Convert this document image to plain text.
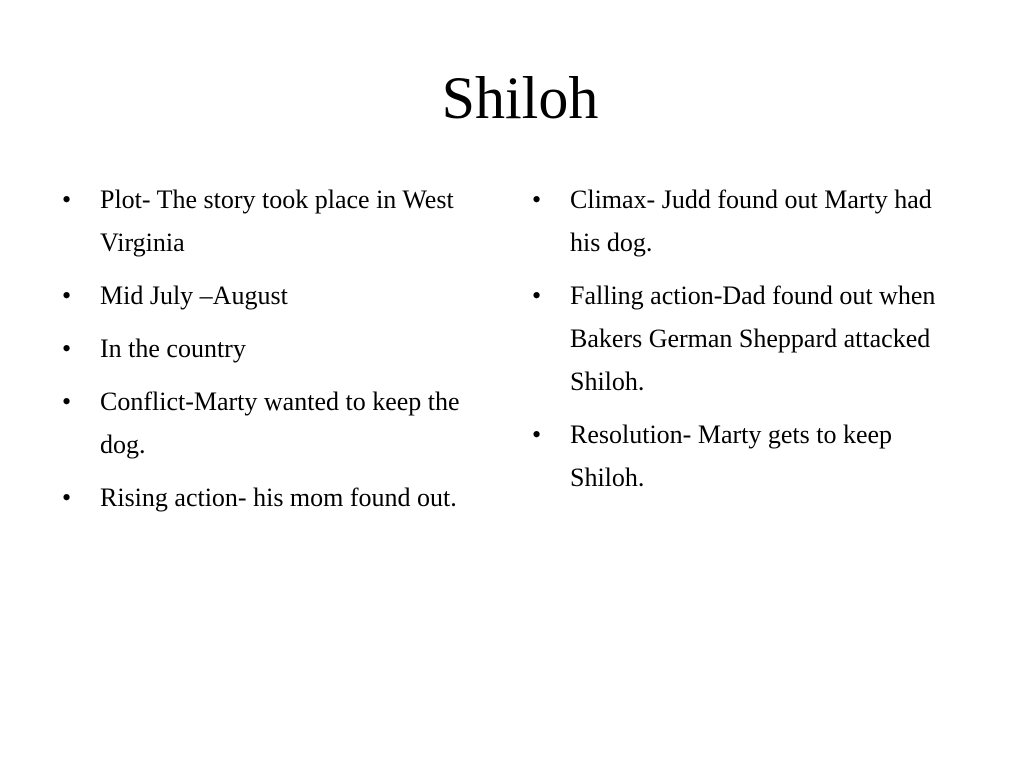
Shiloh
• Plot- The story took place in West Virginia
• Mid July –August
• In the country
• Conflict-Marty wanted to keep the dog.
• Rising action- his mom found out.
• Climax- Judd found out Marty had his dog.
• Falling action-Dad found out when Bakers German Sheppard attacked Shiloh.
• Resolution- Marty gets to keep Shiloh.
